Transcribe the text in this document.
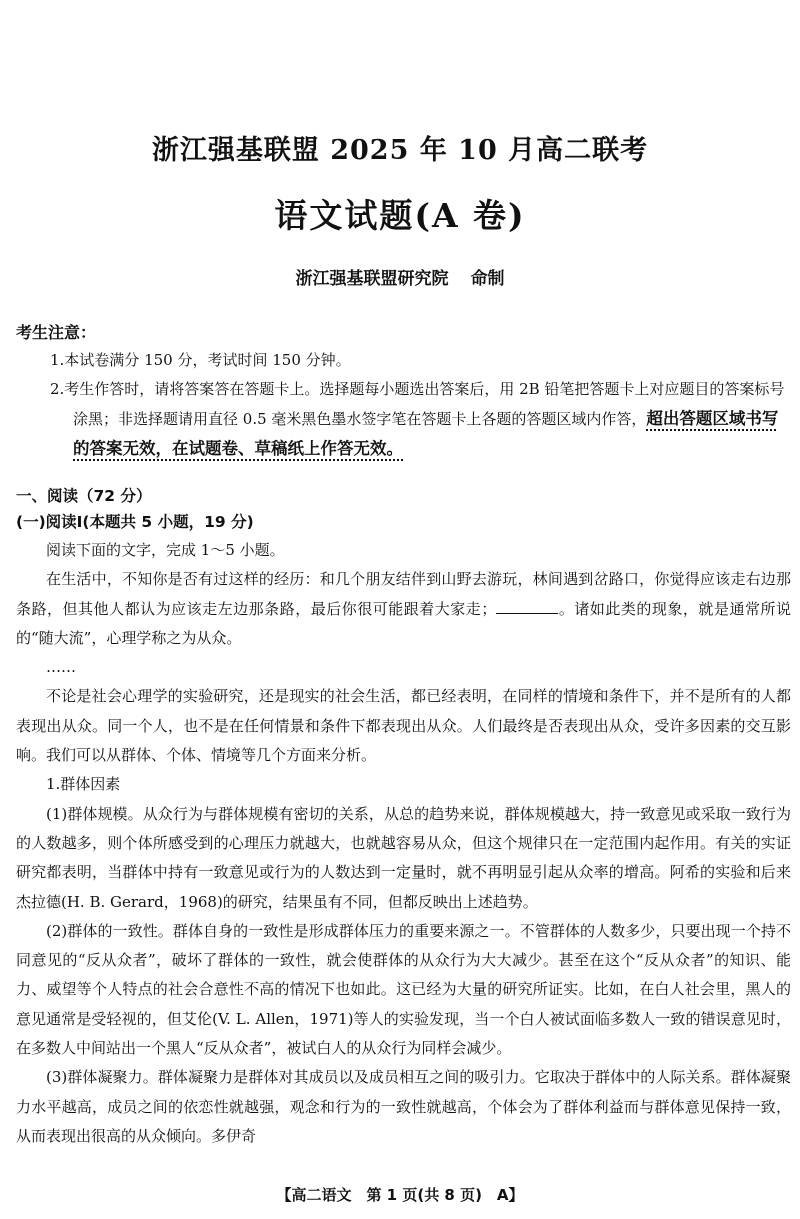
浙江强基联盟 2025 年 10 月高二联考
语文试题(A 卷)
浙江强基联盟研究院 命制
考生注意：
1.本试卷满分 150 分，考试时间 150 分钟。
2.考生作答时，请将答案答在答题卡上。选择题每小题选出答案后，用 2B 铅笔把答题卡上对应题目的答案标号涂黑；非选择题请用直径 0.5 毫米黑色墨水签字笔在答题卡上各题的答题区域内作答，超出答题区域书写的答案无效，在试题卷、草稿纸上作答无效。
一、阅读（72 分）
(一)阅读Ⅰ(本题共 5 小题，19 分)

阅读下面的文字，完成 1～5 小题。

在生活中，不知你是否有过这样的经历：和几个朋友结伴到山野去游玩，林间遇到岔路口，你觉得应该走右边那条路，但其他人都认为应该走左边那条路，最后你很可能跟着大家走；	。诸如此类的现象，就是通常所说的“随大流”，心理学称之为从众。

……

不论是社会心理学的实验研究，还是现实的社会生活，都已经表明，在同样的情境和条件下，并不是所有的人都表现出从众。同一个人，也不是在任何情景和条件下都表现出从众。人们最终是否表现出从众，受许多因素的交互影响。我们可以从群体、个体、情境等几个方面来分析。

1.群体因素

(1)群体规模。从众行为与群体规模有密切的关系，从总的趋势来说，群体规模越大，持一致意见或采取一致行为的人数越多，则个体所感受到的心理压力就越大，也就越容易从众，但这个规律只在一定范围内起作用。有关的实证研究都表明，当群体中持有一致意见或行为的人数达到一定量时，就不再明显引起从众率的增高。阿希的实验和后来杰拉德(H. B. Gerard，1968)的研究，结果虽有不同，但都反映出上述趋势。

(2)群体的一致性。群体自身的一致性是形成群体压力的重要来源之一。不管群体的人数多少，只要出现一个持不同意见的“反从众者”，破坏了群体的一致性，就会使群体的从众行为大大减少。甚至在这个“反从众者”的知识、能力、威望等个人特点的社会合意性不高的情况下也如此。这已经为大量的研究所证实。比如，在白人社会里，黑人的意见通常是受轻视的，但艾伦(V. L. Allen，1971)等人的实验发现，当一个白人被试面临多数人一致的错误意见时，在多数人中间站出一个黑人“反从众者”，被试白人的从众行为同样会减少。

(3)群体凝聚力。群体凝聚力是群体对其成员以及成员相互之间的吸引力。它取决于群体中的人际关系。群体凝聚力水平越高，成员之间的依恋性就越强，观念和行为的一致性就越高，个体会为了群体利益而与群体意见保持一致，从而表现出很高的从众倾向。多伊奇

【高二语文　第 1 页(共 8 页)　A】
